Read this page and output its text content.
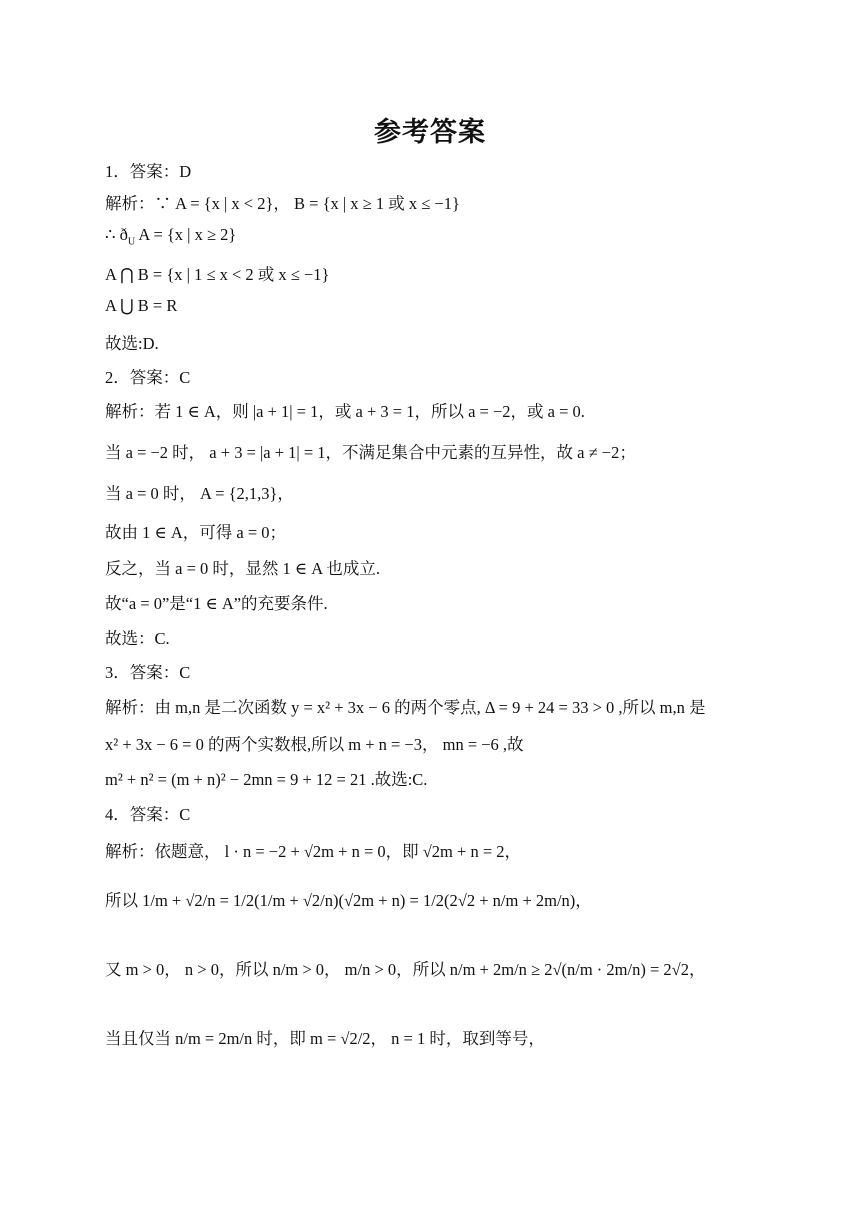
参考答案
1．答案：D
解析：∵ A = {x | x < 2}， B = {x | x ≥ 1 或 x ≤ −1}
∴ $ð_U$ A = {x | x ≥ 2}
A ⋂ B = {x | 1 ≤ x < 2 或 x ≤ −1}
A ⋃ B = R
故选:D.
2．答案：C
解析：若 1 ∈ A，则 |a + 1| = 1，或 a + 3 = 1，所以 a = −2，或 a = 0.
当 a = −2 时， a + 3 = |a + 1| = 1，不满足集合中元素的互异性，故 a ≠ −2；
当 a = 0 时， A = {2,1,3}，
故由 1 ∈ A，可得 a = 0；
反之，当 a = 0 时，显然 1 ∈ A 也成立.
故“a = 0”是“1 ∈ A”的充要条件.
故选：C.
3．答案：C
解析：由 m,n 是二次函数 y = x² + 3x − 6 的两个零点, Δ = 9 + 24 = 33 > 0 ,所以 m,n 是
x² + 3x − 6 = 0 的两个实数根,所以 m + n = −3， mn = −6 ,故
m² + n² = (m + n)² − 2mn = 9 + 12 = 21 .故选:C.
4．答案：C
解析：依题意， l · n = −2 + √2m + n = 0，即 √2m + n = 2，
所以 1/m + √2/n = 1/2(1/m + √2/n)(√2m + n) = 1/2(2√2 + n/m + 2m/n)，
又 m > 0， n > 0，所以 n/m > 0， m/n > 0，所以 n/m + 2m/n ≥ 2√(n/m · 2m/n) = 2√2，
当且仅当 n/m = 2m/n 时，即 m = √2/2， n = 1 时，取到等号，
